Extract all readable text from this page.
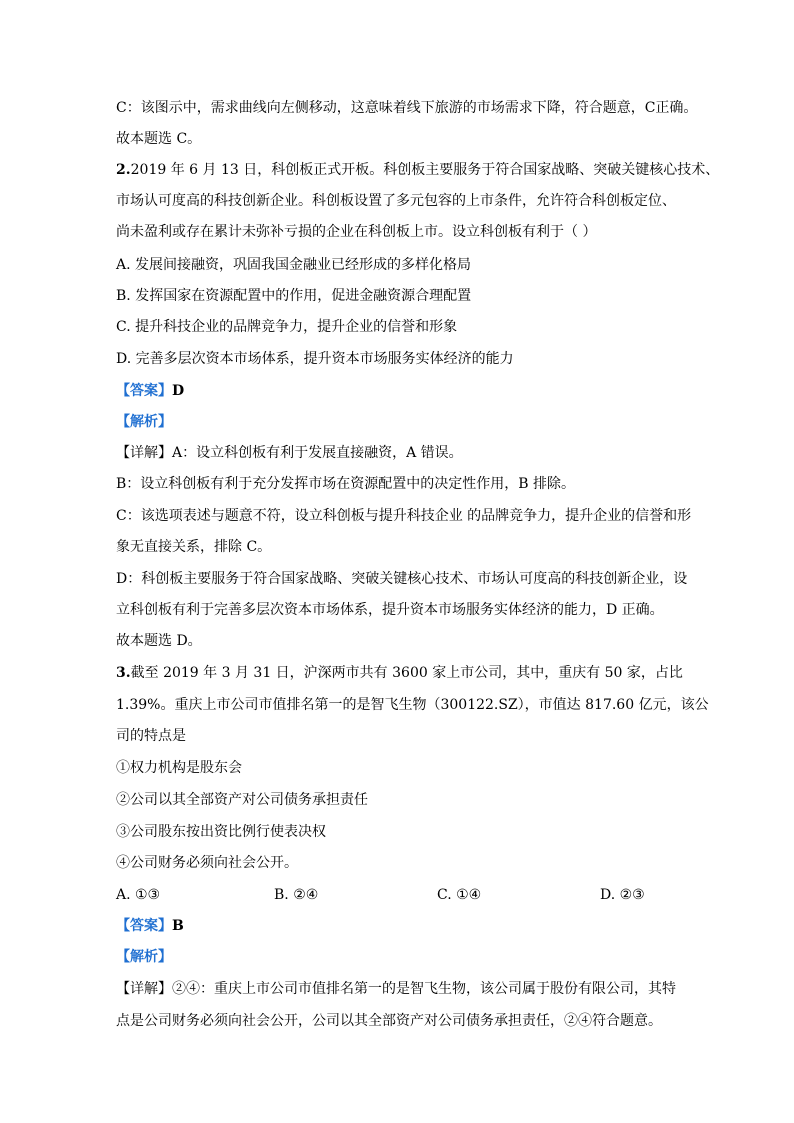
C：该图示中，需求曲线向左侧移动，这意味着线下旅游的市场需求下降，符合题意，C正确。
故本题选 C。
2.2019 年 6 月 13 日，科创板正式开板。科创板主要服务于符合国家战略、突破关键核心技术、
市场认可度高的科技创新企业。科创板设置了多元包容的上市条件，允许符合科创板定位、
尚未盈利或存在累计未弥补亏损的企业在科创板上市。设立科创板有利于（ ）
A. 发展间接融资，巩固我国金融业已经形成的多样化格局
B. 发挥国家在资源配置中的作用，促进金融资源合理配置
C. 提升科技企业的品牌竞争力，提升企业的信誉和形象
D. 完善多层次资本市场体系，提升资本市场服务实体经济的能力
【答案】D
【解析】
【详解】A：设立科创板有利于发展直接融资，A 错误。
B：设立科创板有利于充分发挥市场在资源配置中的决定性作用，B 排除。
C：该选项表述与题意不符，设立科创板与提升科技企业 的品牌竞争力，提升企业的信誉和形
象无直接关系，排除 C。
D：科创板主要服务于符合国家战略、突破关键核心技术、市场认可度高的科技创新企业，设
立科创板有利于完善多层次资本市场体系，提升资本市场服务实体经济的能力，D 正确。
故本题选 D。
3.截至 2019 年 3 月 31 日，沪深两市共有 3600 家上市公司，其中，重庆有 50 家，占比
1.39%。重庆上市公司市值排名第一的是智飞生物（300122.SZ），市值达 817.60 亿元，该公
司的特点是
①权力机构是股东会
②公司以其全部资产对公司债务承担责任
③公司股东按出资比例行使表决权
④公司财务必须向社会公开。
A. ①③	B. ②④	C. ①④	D. ②③
【答案】B
【解析】
【详解】②④：重庆上市公司市值排名第一的是智飞生物，该公司属于股份有限公司，其特
点是公司财务必须向社会公开，公司以其全部资产对公司债务承担责任，②④符合题意。
